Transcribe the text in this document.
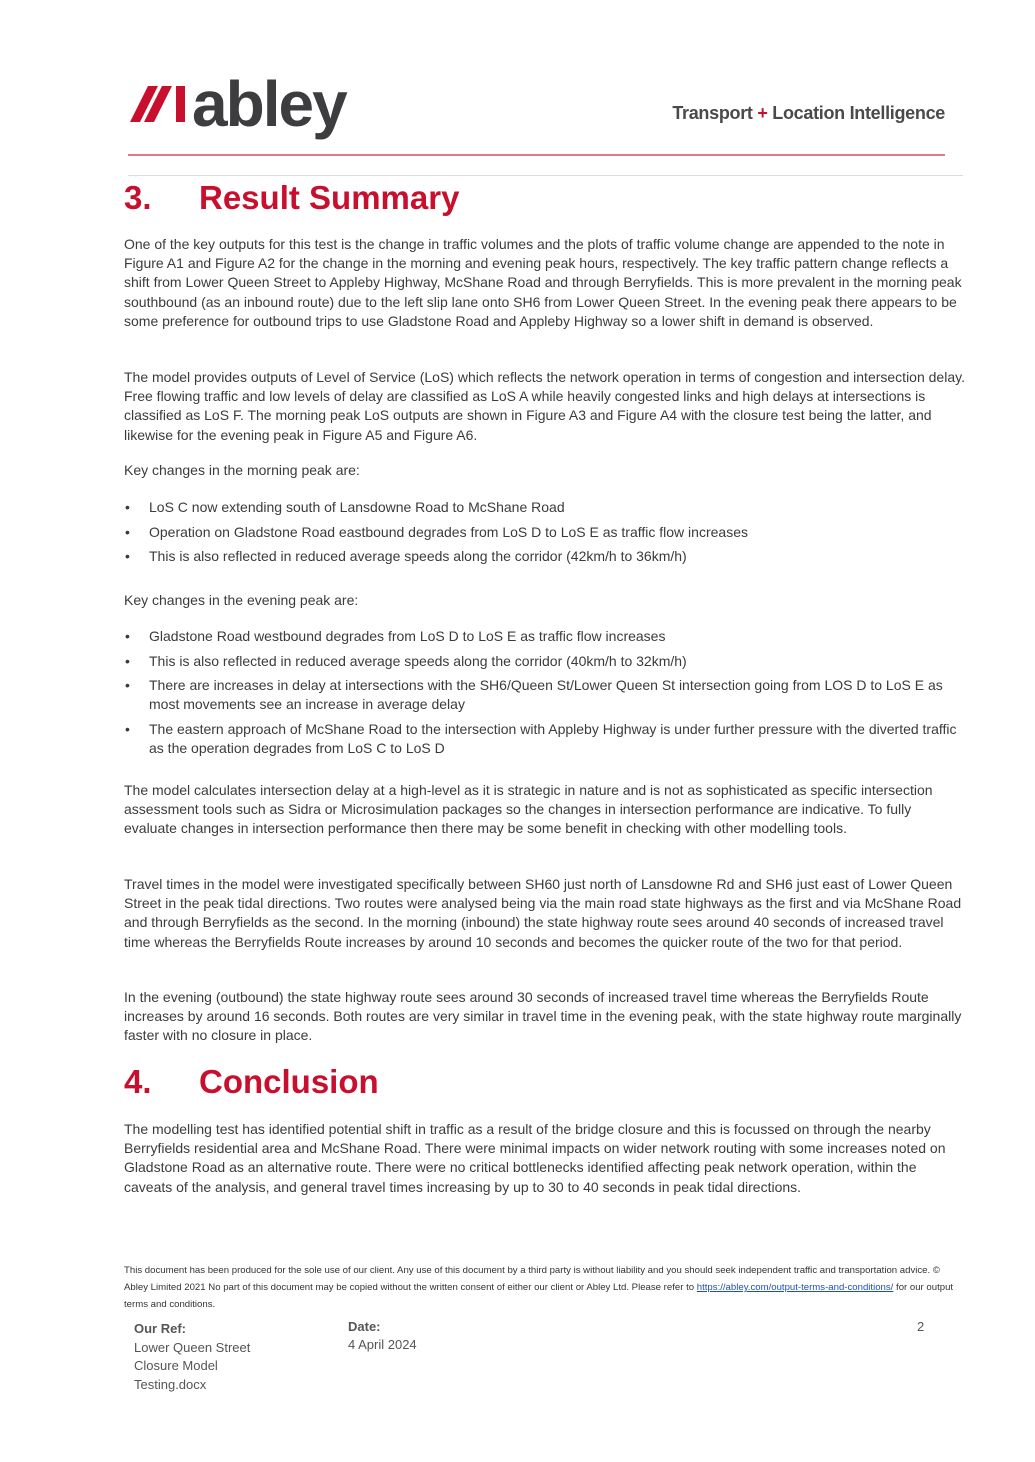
abley	Transport + Location Intelligence
3. Result Summary

One of the key outputs for this test is the change in traffic volumes and the plots of traffic volume change are appended to the note in Figure A1 and Figure A2 for the change in the morning and evening peak hours, respectively. The key traffic pattern change reflects a shift from Lower Queen Street to Appleby Highway, McShane Road and through Berryfields. This is more prevalent in the morning peak southbound (as an inbound route) due to the left slip lane onto SH6 from Lower Queen Street. In the evening peak there appears to be some preference for outbound trips to use Gladstone Road and Appleby Highway so a lower shift in demand is observed.

The model provides outputs of Level of Service (LoS) which reflects the network operation in terms of congestion and intersection delay. Free flowing traffic and low levels of delay are classified as LoS A while heavily congested links and high delays at intersections is classified as LoS F. The morning peak LoS outputs are shown in Figure A3 and Figure A4 with the closure test being the latter, and likewise for the evening peak in Figure A5 and Figure A6.

Key changes in the morning peak are:

• LoS C now extending south of Lansdowne Road to McShane Road
• Operation on Gladstone Road eastbound degrades from LoS D to LoS E as traffic flow increases
• This is also reflected in reduced average speeds along the corridor (42km/h to 36km/h)

Key changes in the evening peak are:

• Gladstone Road westbound degrades from LoS D to LoS E as traffic flow increases
• This is also reflected in reduced average speeds along the corridor (40km/h to 32km/h)
• There are increases in delay at intersections with the SH6/Queen St/Lower Queen St intersection going from LOS D to LoS E as most movements see an increase in average delay
• The eastern approach of McShane Road to the intersection with Appleby Highway is under further pressure with the diverted traffic as the operation degrades from LoS C to LoS D

The model calculates intersection delay at a high-level as it is strategic in nature and is not as sophisticated as specific intersection assessment tools such as Sidra or Microsimulation packages so the changes in intersection performance are indicative. To fully evaluate changes in intersection performance then there may be some benefit in checking with other modelling tools.

Travel times in the model were investigated specifically between SH60 just north of Lansdowne Rd and SH6 just east of Lower Queen Street in the peak tidal directions. Two routes were analysed being via the main road state highways as the first and via McShane Road and through Berryfields as the second. In the morning (inbound) the state highway route sees around 40 seconds of increased travel time whereas the Berryfields Route increases by around 10 seconds and becomes the quicker route of the two for that period.

In the evening (outbound) the state highway route sees around 30 seconds of increased travel time whereas the Berryfields Route increases by around 16 seconds. Both routes are very similar in travel time in the evening peak, with the state highway route marginally faster with no closure in place.

4. Conclusion

The modelling test has identified potential shift in traffic as a result of the bridge closure and this is focussed on through the nearby Berryfields residential area and McShane Road. There were minimal impacts on wider network routing with some increases noted on Gladstone Road as an alternative route. There were no critical bottlenecks identified affecting peak network operation, within the caveats of the analysis, and general travel times increasing by up to 30 to 40 seconds in peak tidal directions.

This document has been produced for the sole use of our client. Any use of this document by a third party is without liability and you should seek independent traffic and transportation advice. © Abley Limited 2021 No part of this document may be copied without the written consent of either our client or Abley Ltd. Please refer to https://abley.com/output-terms-and-conditions/ for our output terms and conditions.
Our Ref:
Lower Queen Street
Closure Model
Testing.docx
Date:
4 April 2024
2
